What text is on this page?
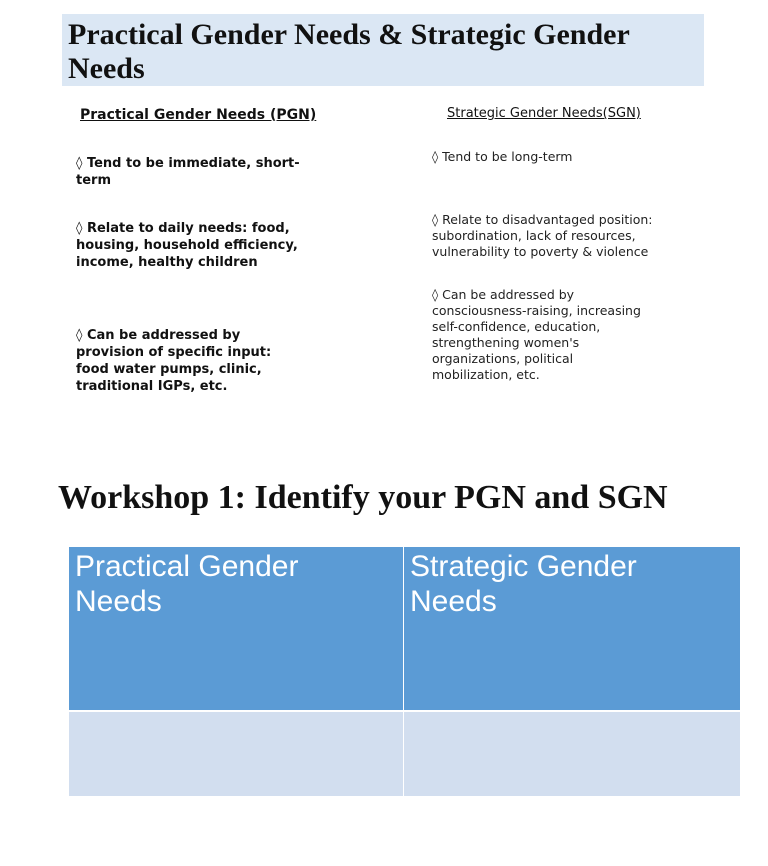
Practical Gender Needs & Strategic Gender Needs
Practical Gender Needs (PGN)	Strategic Gender Needs(SGN)
◊ Tend to be immediate, short-
term
◊ Relate to daily needs: food,
housing, household efficiency,
income, healthy children
◊ Can be addressed by
provision of specific input:
food water pumps, clinic,
traditional IGPs, etc.
◊ Tend to be long-term
◊ Relate to disadvantaged position:
subordination, lack of resources,
vulnerability to poverty & violence
◊ Can be addressed by
consciousness-raising, increasing
self-confidence, education,
strengthening women's
organizations, political
mobilization, etc.
Workshop 1: Identify your PGN and SGN
Practical Gender
Needs
Strategic Gender
Needs
